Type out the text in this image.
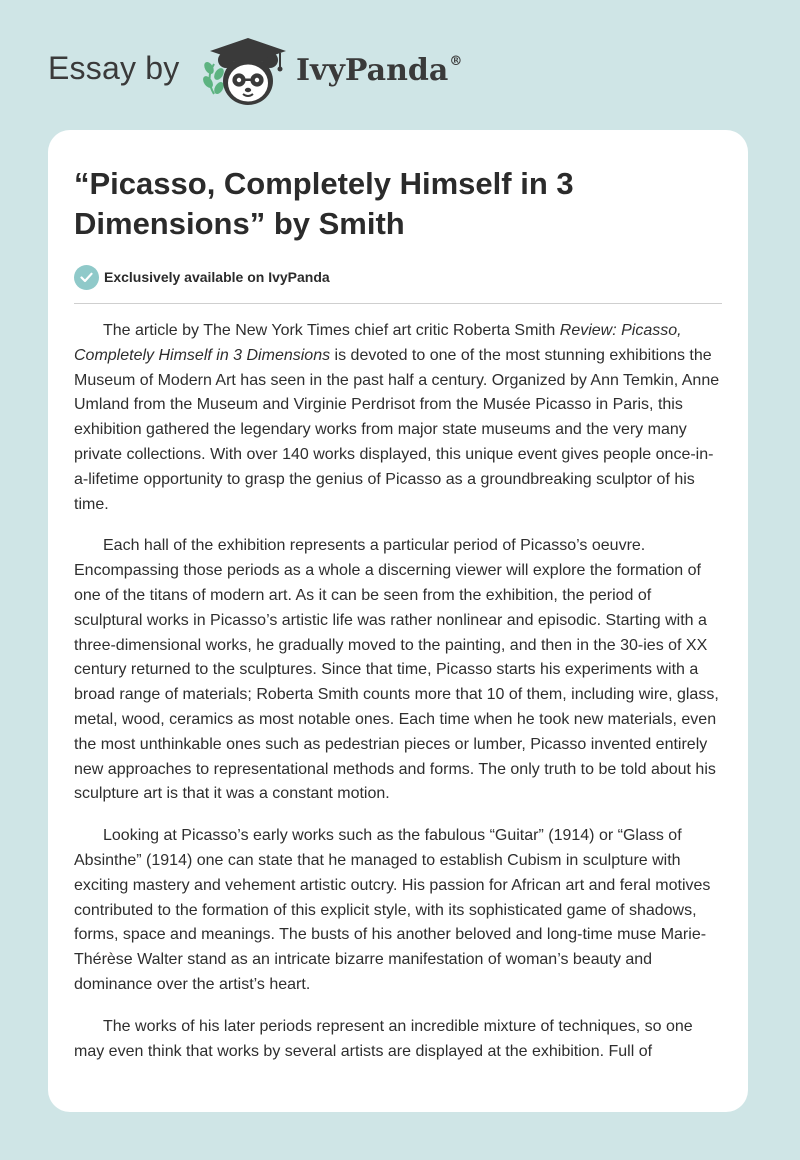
Essay by	IvyPanda®
“Picasso, Completely Himself in 3 Dimensions” by Smith
Exclusively available on IvyPanda

The article by The New York Times chief art critic Roberta Smith Review: Picasso, Completely Himself in 3 Dimensions is devoted to one of the most stunning exhibitions the Museum of Modern Art has seen in the past half a century. Organized by Ann Temkin, Anne Umland from the Museum and Virginie Perdrisot from the Musée Picasso in Paris, this exhibition gathered the legendary works from major state museums and the very many private collections. With over 140 works displayed, this unique event gives people once-in-a-lifetime opportunity to grasp the genius of Picasso as a groundbreaking sculptor of his time.

Each hall of the exhibition represents a particular period of Picasso’s oeuvre. Encompassing those periods as a whole a discerning viewer will explore the formation of one of the titans of modern art. As it can be seen from the exhibition, the period of sculptural works in Picasso’s artistic life was rather nonlinear and episodic. Starting with a three-dimensional works, he gradually moved to the painting, and then in the 30-ies of XX century returned to the sculptures. Since that time, Picasso starts his experiments with a broad range of materials; Roberta Smith counts more that 10 of them, including wire, glass, metal, wood, ceramics as most notable ones. Each time when he took new materials, even the most unthinkable ones such as pedestrian pieces or lumber, Picasso invented entirely new approaches to representational methods and forms. The only truth to be told about his sculpture art is that it was a constant motion.

Looking at Picasso’s early works such as the fabulous “Guitar” (1914) or “Glass of Absinthe” (1914) one can state that he managed to establish Cubism in sculpture with exciting mastery and vehement artistic outcry. His passion for African art and feral motives contributed to the formation of this explicit style, with its sophisticated game of shadows, forms, space and meanings. The busts of his another beloved and long-time muse Marie-Thérèse Walter stand as an intricate bizarre manifestation of woman’s beauty and dominance over the artist’s heart.

The works of his later periods represent an incredible mixture of techniques, so one may even think that works by several artists are displayed at the exhibition. Full of
